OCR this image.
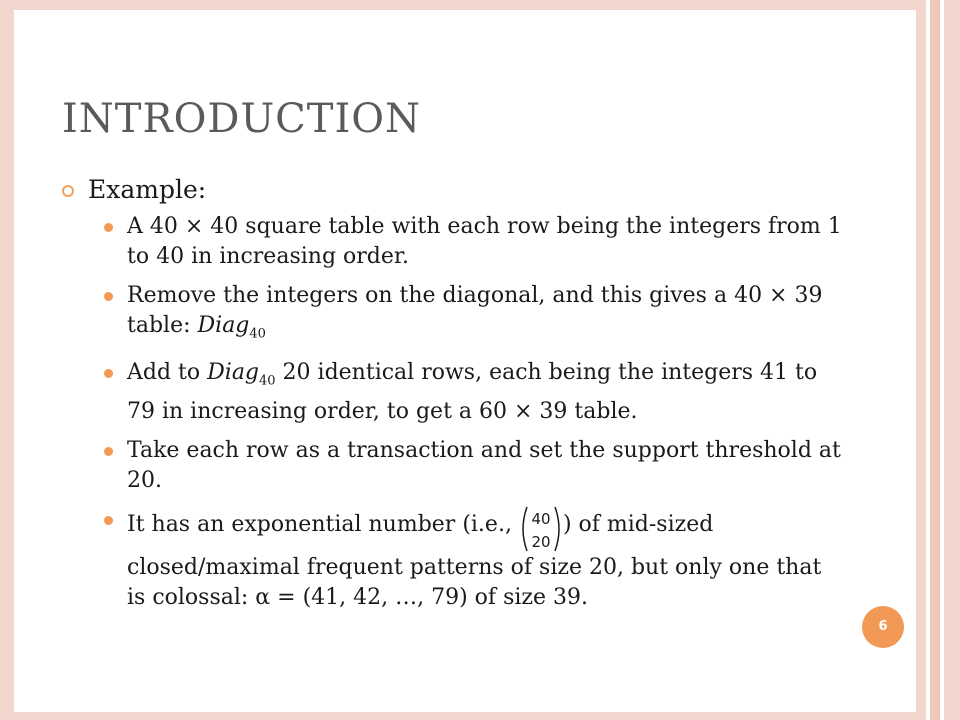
INTRODUCTION
Example:
A 40 × 40 square table with each row being the integers from 1 to 40 in increasing order.
Remove the integers on the diagonal, and this gives a 40 × 39 table: Diag$_{40}$
Add to Diag$_{40}$ 20 identical rows, each being the integers 41 to 79 in increasing order, to get a 60 × 39 table.
Take each row as a transaction and set the support threshold at 20.
It has an exponential number (i.e., 40
20
) of mid-sized closed/maximal frequent patterns of size 20, but only one that is colossal: α = (41, 42, …, 79) of size 39.
6
